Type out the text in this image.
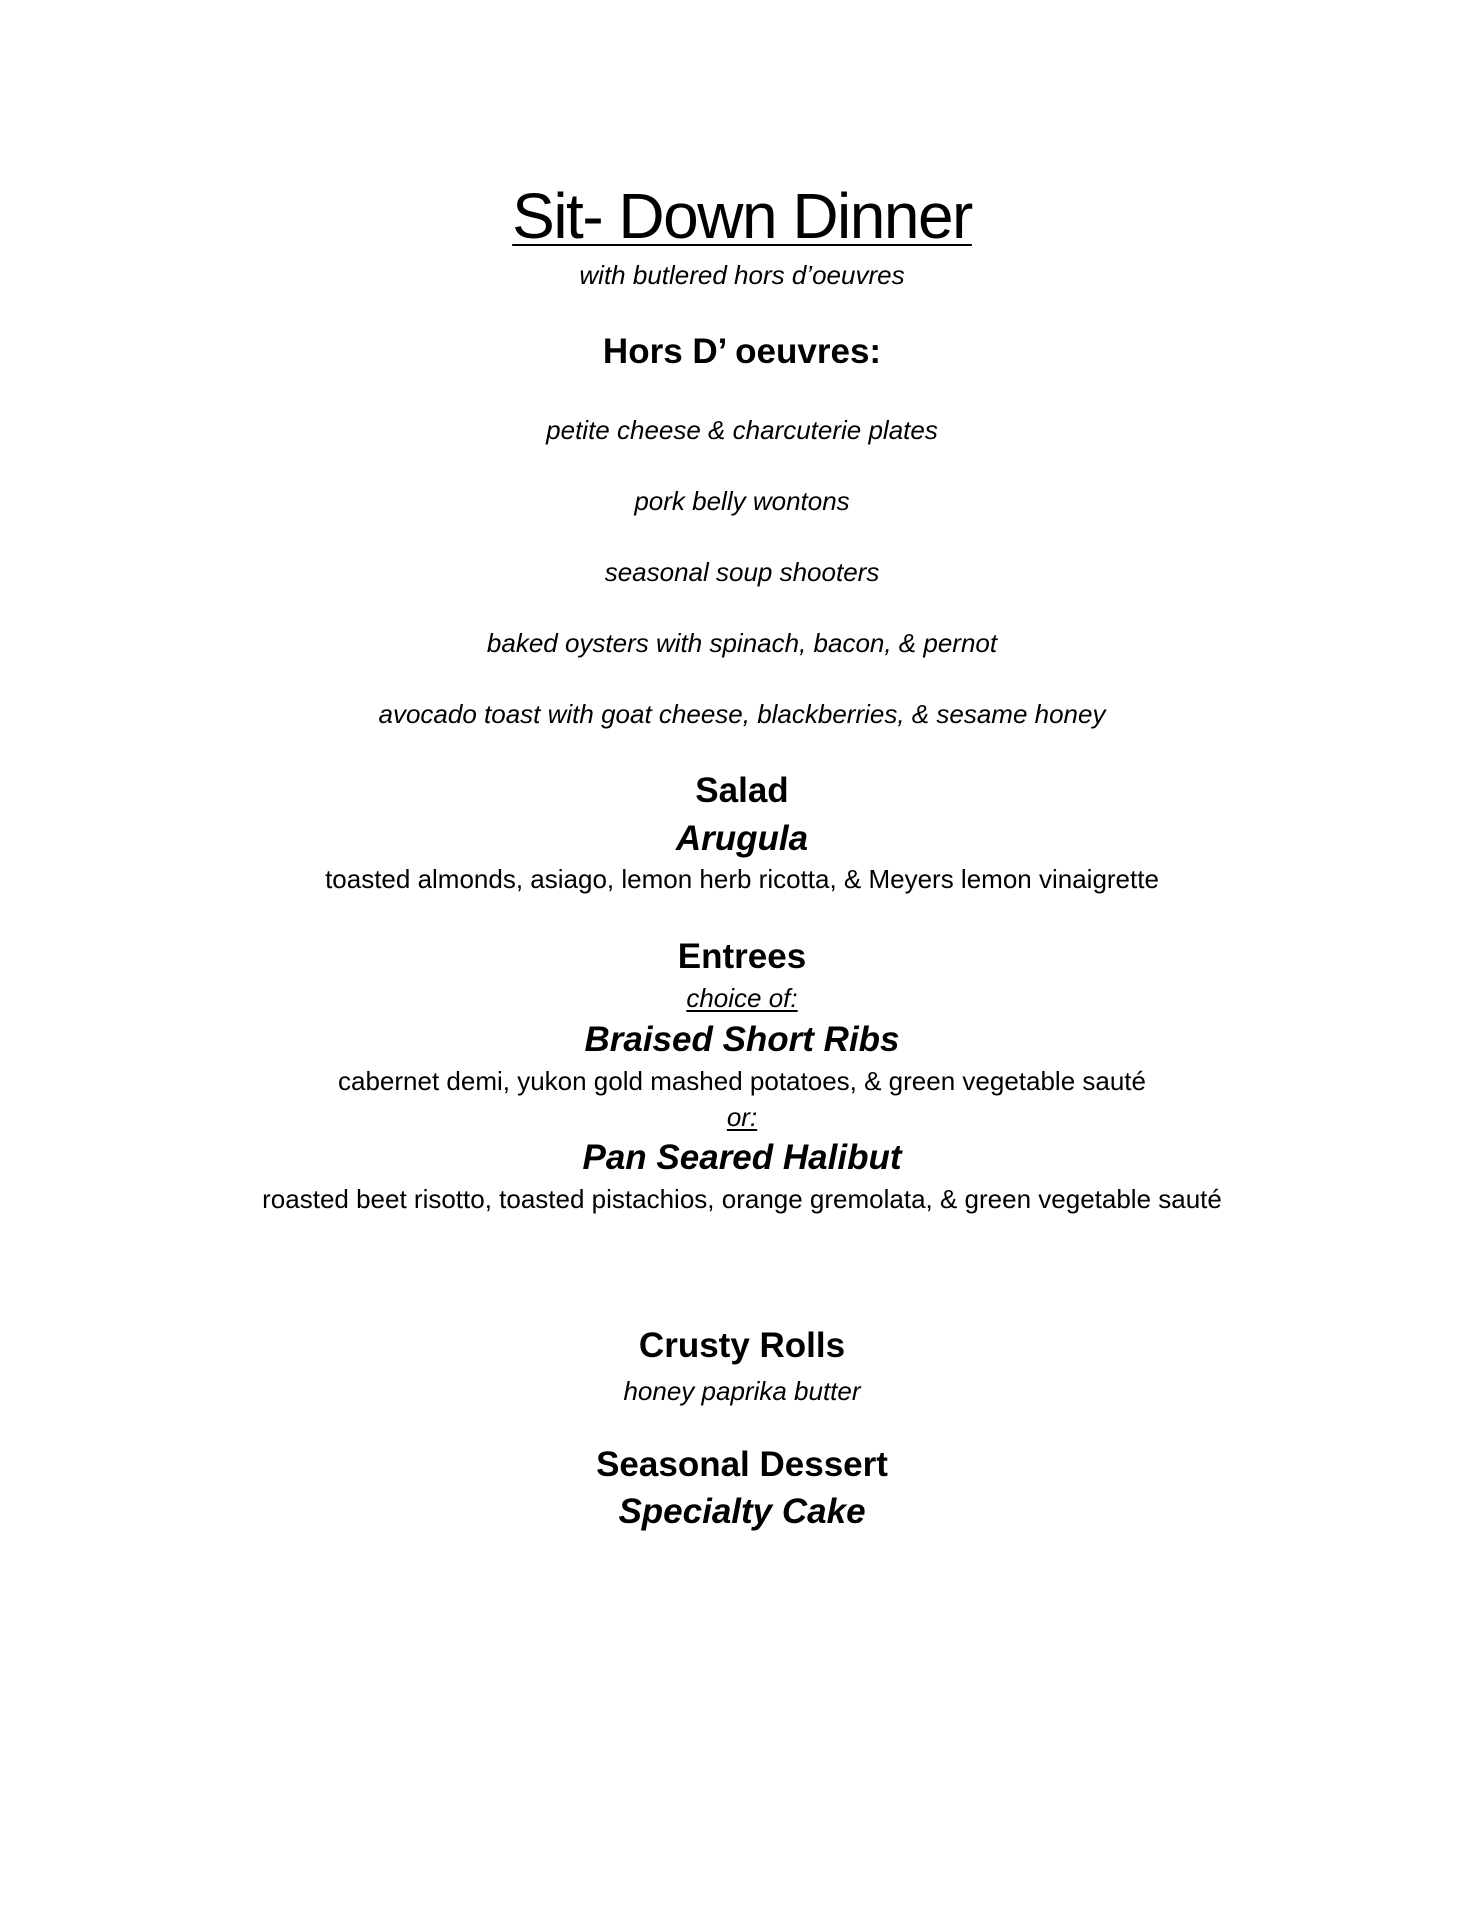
Sit- Down Dinner
with butlered hors d’oeuvres
Hors D’ oeuvres:
petite cheese & charcuterie plates
pork belly wontons
seasonal soup shooters
baked oysters with spinach, bacon, & pernot
avocado toast with goat cheese, blackberries, & sesame honey
Salad
Arugula
toasted almonds, asiago, lemon herb ricotta, & Meyers lemon vinaigrette
Entrees
choice of:
Braised Short Ribs
cabernet demi, yukon gold mashed potatoes, & green vegetable sauté
or:
Pan Seared Halibut
roasted beet risotto, toasted pistachios, orange gremolata, & green vegetable sauté
Crusty Rolls
honey paprika butter
Seasonal Dessert
Specialty Cake
